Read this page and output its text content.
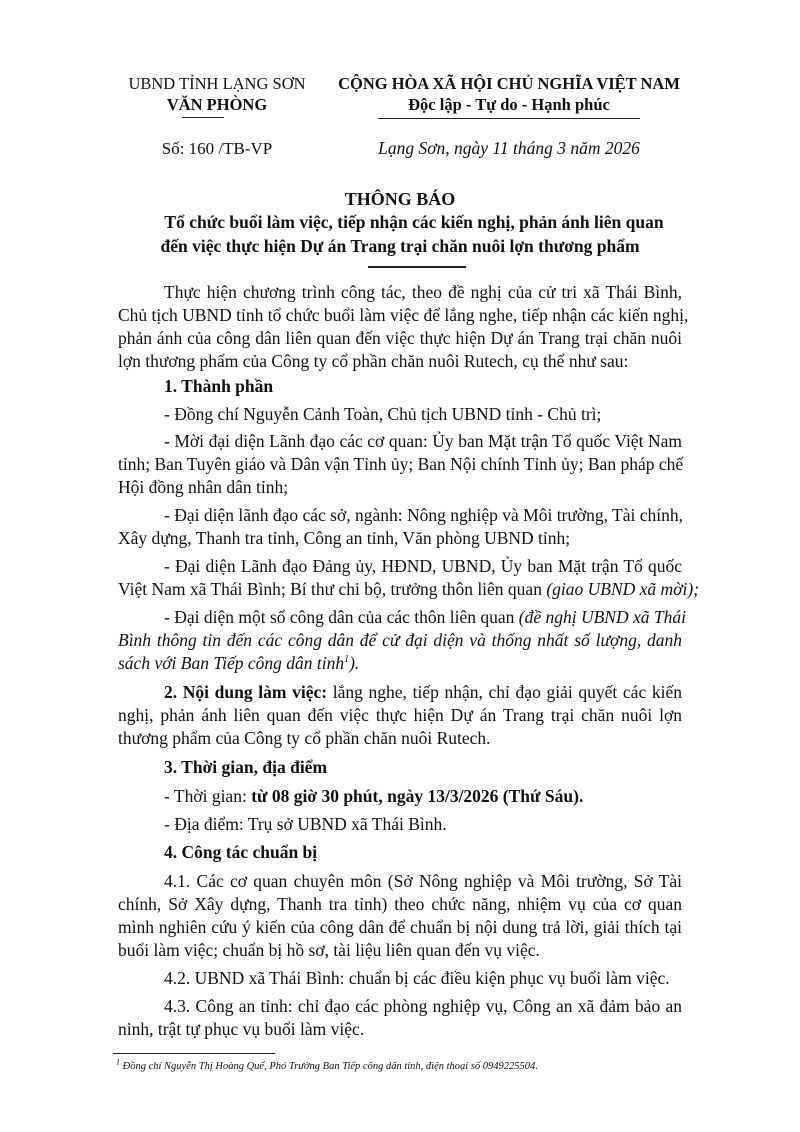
UBND TỈNH LẠNG SƠN
VĂN PHÒNG
CỘNG HÒA XÃ HỘI CHỦ NGHĨA VIỆT NAM
Độc lập - Tự do - Hạnh phúc
Số: 160 /TB-VP	Lạng Sơn, ngày 11 tháng 3 năm 2026
THÔNG BÁO
Tổ chức buổi làm việc, tiếp nhận các kiến nghị, phản ánh liên quan
đến việc thực hiện Dự án Trang trại chăn nuôi lợn thương phẩm
Thực hiện chương trình công tác, theo đề nghị của cử tri xã Thái Bình,
Chủ tịch UBND tỉnh tổ chức buổi làm việc để lắng nghe, tiếp nhận các kiến nghị,
phản ánh của công dân liên quan đến việc thực hiện Dự án Trang trại chăn nuôi
lợn thương phẩm của Công ty cổ phần chăn nuôi Rutech, cụ thể như sau:
1. Thành phần
- Đồng chí Nguyễn Cảnh Toàn, Chủ tịch UBND tỉnh - Chủ trì;
- Mời đại diện Lãnh đạo các cơ quan: Ủy ban Mặt trận Tổ quốc Việt Nam
tỉnh; Ban Tuyên giáo và Dân vận Tỉnh ủy; Ban Nội chính Tỉnh ủy; Ban pháp chế
Hội đồng nhân dân tỉnh;
- Đại diện lãnh đạo các sở, ngành: Nông nghiệp và Môi trường, Tài chính,
Xây dựng, Thanh tra tỉnh, Công an tỉnh, Văn phòng UBND tỉnh;
- Đại diện Lãnh đạo Đảng ủy, HĐND, UBND, Ủy ban Mặt trận Tổ quốc
Việt Nam xã Thái Bình; Bí thư chi bộ, trưởng thôn liên quan (giao UBND xã mời);
- Đại diện một số công dân của các thôn liên quan (đề nghị UBND xã Thái
Bình thông tin đến các công dân để cử đại diện và thống nhất số lượng, danh
sách với Ban Tiếp công dân tỉnh$^1$).
2. Nội dung làm việc: lắng nghe, tiếp nhận, chỉ đạo giải quyết các kiến
nghị, phản ánh liên quan đến việc thực hiện Dự án Trang trại chăn nuôi lợn
thương phẩm của Công ty cổ phần chăn nuôi Rutech.
3. Thời gian, địa điểm
- Thời gian: từ 08 giờ 30 phút, ngày 13/3/2026 (Thứ Sáu).
- Địa điểm: Trụ sở UBND xã Thái Bình.
4. Công tác chuẩn bị
4.1. Các cơ quan chuyên môn (Sở Nông nghiệp và Môi trường, Sở Tài
chính, Sở Xây dựng, Thanh tra tỉnh) theo chức năng, nhiệm vụ của cơ quan
mình nghiên cứu ý kiến của công dân để chuẩn bị nội dung trả lời, giải thích tại
buổi làm việc; chuẩn bị hồ sơ, tài liệu liên quan đến vụ việc.
4.2. UBND xã Thái Bình: chuẩn bị các điều kiện phục vụ buổi làm việc.
4.3. Công an tỉnh: chỉ đạo các phòng nghiệp vụ, Công an xã đảm bảo an
ninh, trật tự phục vụ buổi làm việc.
$^1$ Đồng chí Nguyễn Thị Hoàng Quế, Phó Trưởng Ban Tiếp công dân tỉnh, điện thoại số 0949225504.
